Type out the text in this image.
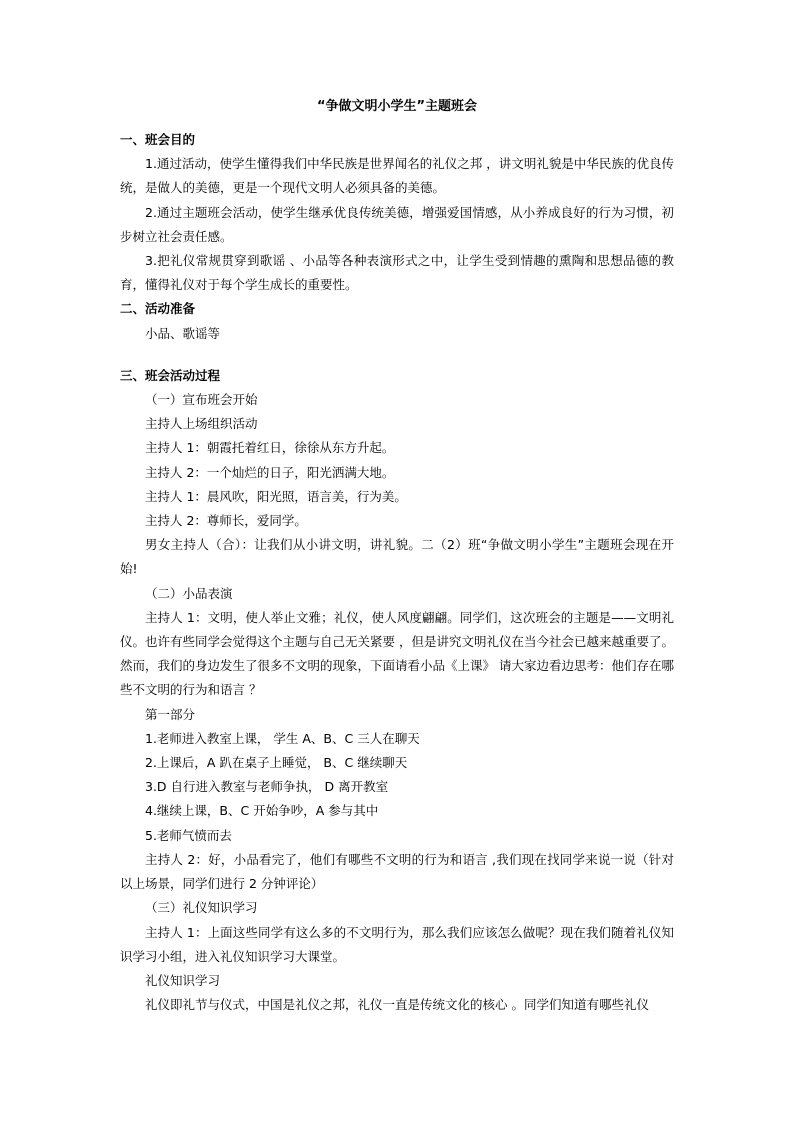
“争做文明小学生”主题班会

一、班会目的

1.通过活动，使学生懂得我们中华民族是世界闻名的礼仪之邦 ，讲文明礼貌是中华民族的优良传统，是做人的美德，更是一个现代文明人必须具备的美德。

2.通过主题班会活动，使学生继承优良传统美德，增强爱国情感，从小养成良好的行为习惯，初步树立社会责任感。

3.把礼仪常规贯穿到歌谣 、小品等各种表演形式之中，让学生受到情趣的熏陶和思想品德的教育，懂得礼仪对于每个学生成长的重要性。

二、活动准备

小品、歌谣等

三、班会活动过程

（一）宣布班会开始

主持人上场组织活动

主持人 1：朝霞托着红日，徐徐从东方升起。

主持人 2：一个灿烂的日子，阳光洒满大地。

主持人 1：晨风吹，阳光照，语言美，行为美。

主持人 2：尊师长，爱同学。

男女主持人（合）：让我们从小讲文明，讲礼貌。二（2）班“争做文明小学生”主题班会现在开始!

（二）小品表演

主持人 1：文明，使人举止文雅；礼仪，使人风度翩翩。同学们，这次班会的主题是——文明礼仪。也许有些同学会觉得这个主题与自己无关紧要 ，但是讲究文明礼仪在当今社会已越来越重要了。然而，我们的身边发生了很多不文明的现象，下面请看小品《上课》 请大家边看边思考：他们存在哪些不文明的行为和语言 ？

第一部分

1.老师进入教室上课， 学生 A、B、C 三人在聊天

2.上课后，A 趴在桌子上睡觉， B、C 继续聊天

3.D 自行进入教室与老师争执， D 离开教室

4.继续上课，B、C 开始争吵，A 参与其中

5.老师气愤而去

主持人 2：好，小品看完了，他们有哪些不文明的行为和语言 ,我们现在找同学来说一说（针对以上场景，同学们进行 2 分钟评论）

（三）礼仪知识学习

主持人 1：上面这些同学有这么多的不文明行为，那么我们应该怎么做呢？现在我们随着礼仪知识学习小组，进入礼仪知识学习大课堂。

礼仪知识学习

礼仪即礼节与仪式，中国是礼仪之邦，礼仪一直是传统文化的核心 。同学们知道有哪些礼仪
